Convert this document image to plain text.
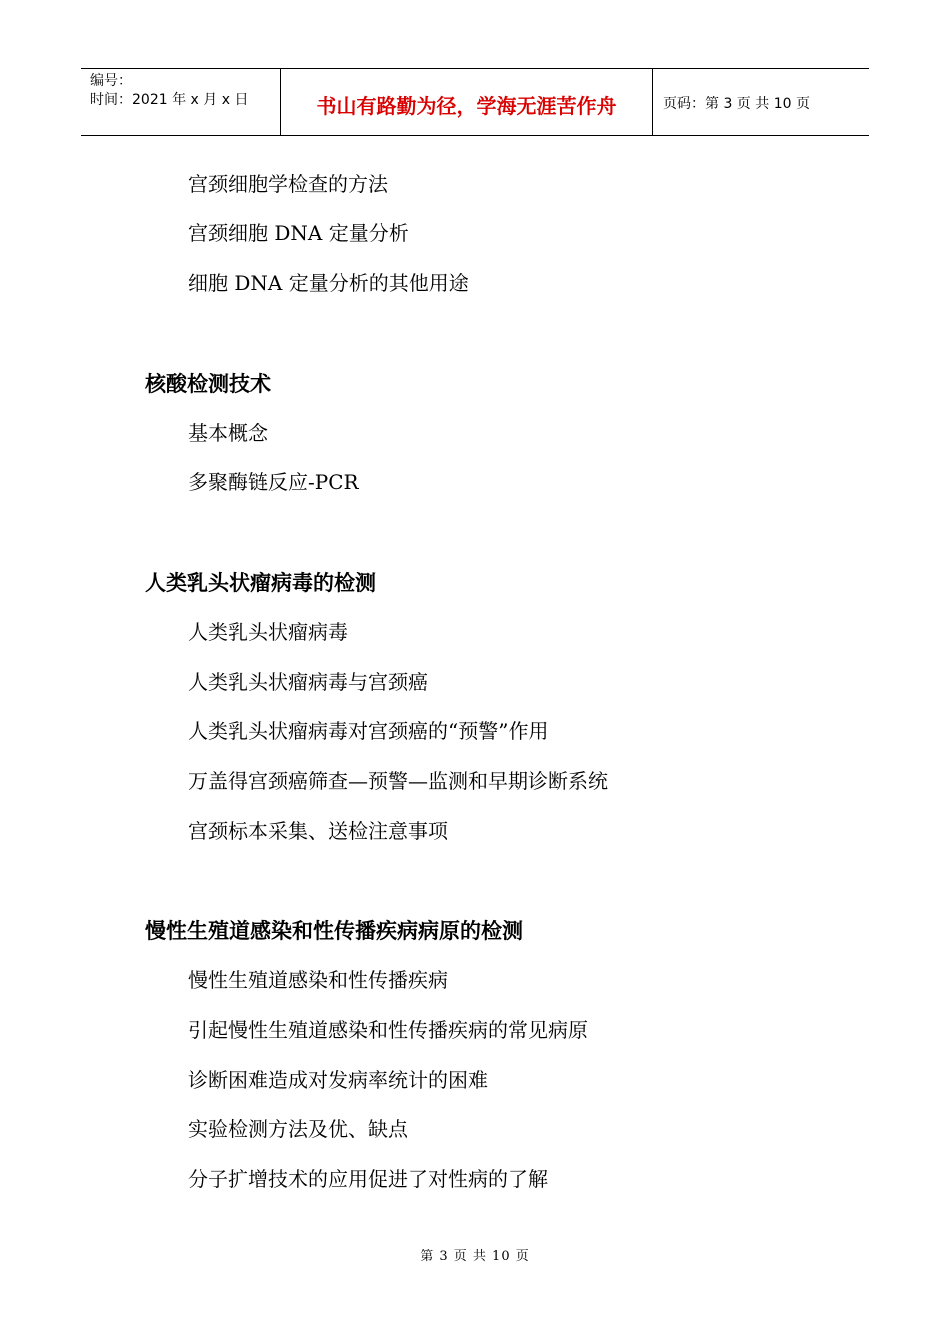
编号：
时间：2021 年 x 月 x 日	书山有路勤为径，学海无涯苦作舟	页码：第 3 页 共 10 页
宫颈细胞学检查的方法
宫颈细胞 DNA 定量分析
细胞 DNA 定量分析的其他用途
核酸检测技术
基本概念
多聚酶链反应-PCR
人类乳头状瘤病毒的检测
人类乳头状瘤病毒
人类乳头状瘤病毒与宫颈癌
人类乳头状瘤病毒对宫颈癌的“预警”作用
万盖得宫颈癌筛查—预警—监测和早期诊断系统
宫颈标本采集、送检注意事项
慢性生殖道感染和性传播疾病病原的检测
慢性生殖道感染和性传播疾病
引起慢性生殖道感染和性传播疾病的常见病原
诊断困难造成对发病率统计的困难
实验检测方法及优、缺点
分子扩增技术的应用促进了对性病的了解
第 3 页 共 10 页
